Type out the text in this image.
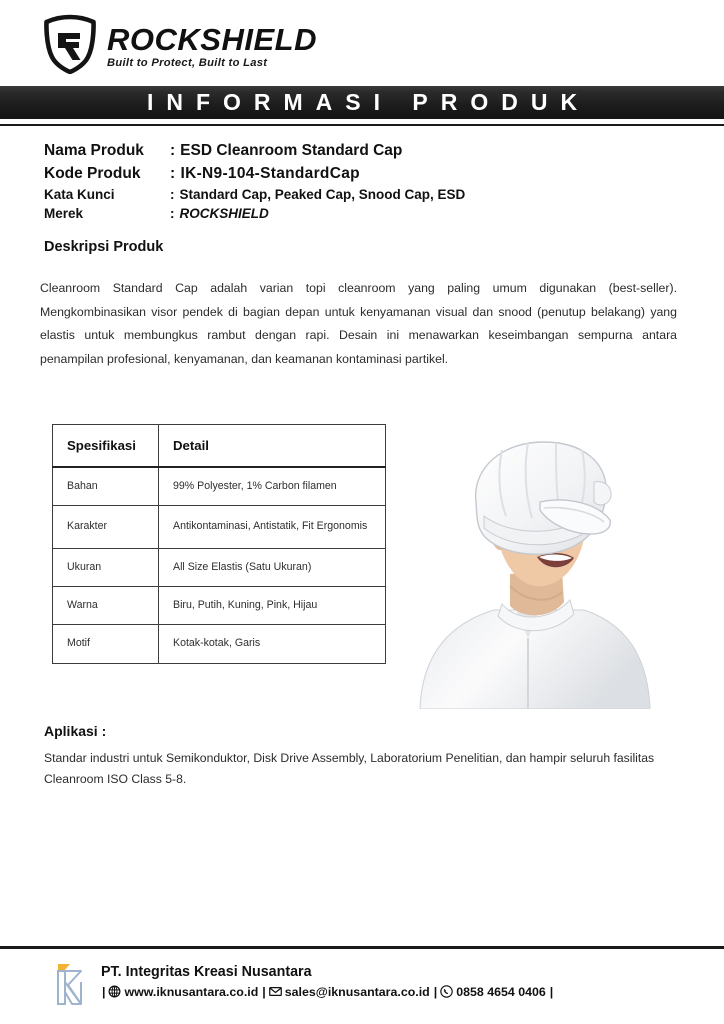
ROCKSHIELD
Built to Protect, Built to Last
INFORMASI PRODUK
Nama Produk	: ESD Cleanroom Standard Cap
Kode Produk	: IK-N9-104-StandardCap
Kata Kunci	: Standard Cap, Peaked Cap, Snood Cap, ESD
Merek	: ROCKSHIELD
Deskripsi Produk
Cleanroom Standard Cap adalah varian topi cleanroom yang paling umum digunakan (best-seller). Mengkombinasikan visor pendek di bagian depan untuk kenyamanan visual dan snood (penutup belakang) yang elastis untuk membungkus rambut dengan rapi. Desain ini menawarkan keseimbangan sempurna antara penampilan profesional, kenyamanan, dan keamanan kontaminasi partikel.
Spesifikasi	Detail
Bahan	99% Polyester, 1% Carbon filamen
Karakter	Antikontaminasi, Antistatik, Fit Ergonomis
Ukuran	All Size Elastis (Satu Ukuran)
Warna	Biru, Putih, Kuning, Pink, Hijau
Motif	Kotak-kotak, Garis
Aplikasi :
Standar industri untuk Semikonduktor, Disk Drive Assembly, Laboratorium Penelitian, dan hampir seluruh fasilitas Cleanroom ISO Class 5-8.
PT. Integritas Kreasi Nusantara
| www.iknusantara.co.id | sales@iknusantara.co.id | 0858 4654 0406 |
